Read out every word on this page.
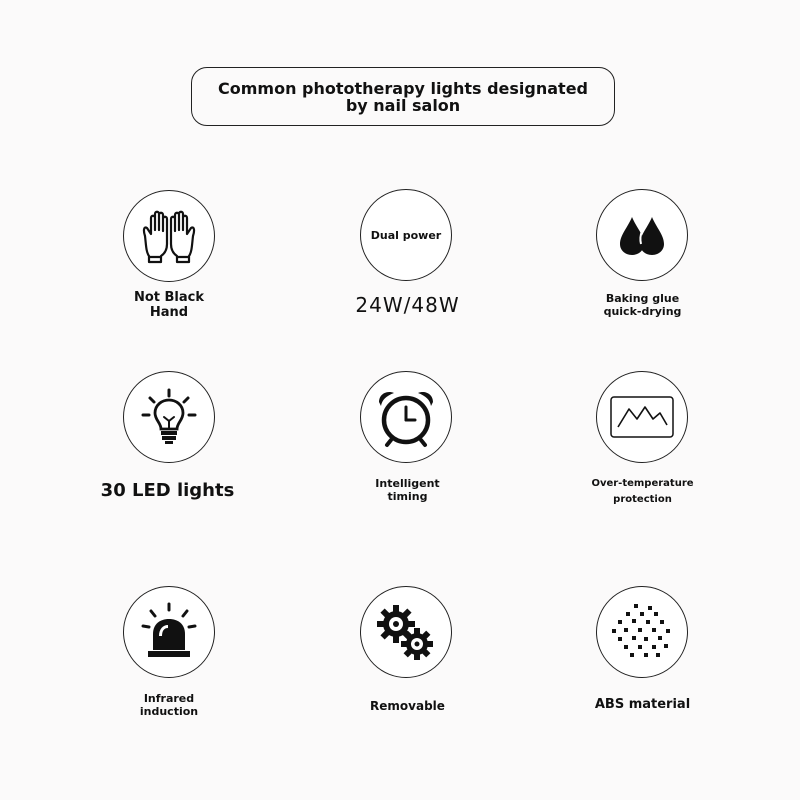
Common phototherapy lights designated by nail salon
Not Black
Hand
Dual power
24W/48W	Baking glue
quick-drying
30 LED lights	Intelligent
timing
Over-temperature
protection
Infrared
induction	Removable	ABS material
